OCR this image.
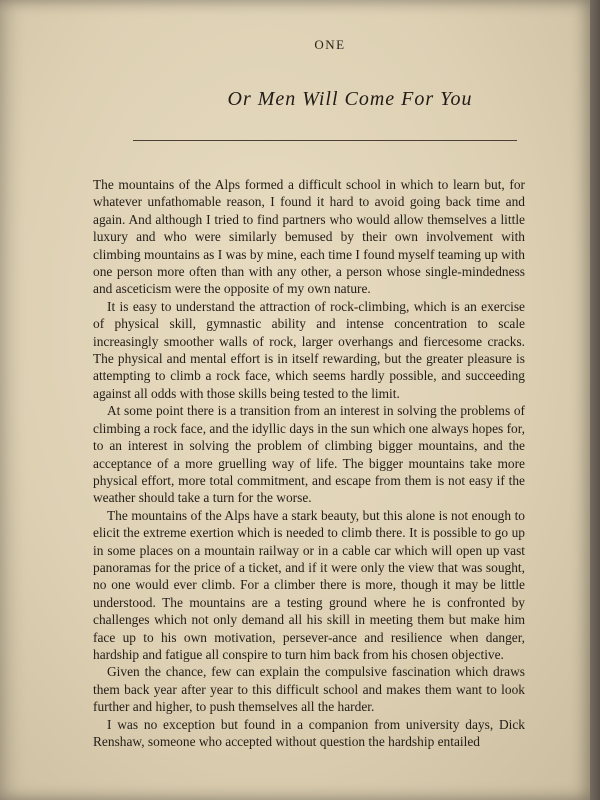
ONE
Or Men Will Come For You

The mountains of the Alps formed a difficult school in which to learn but, for whatever unfathomable reason, I found it hard to avoid going back time and again. And although I tried to find partners who would allow themselves a little luxury and who were similarly bemused by their own involvement with climbing mountains as I was by mine, each time I found myself teaming up with one person more often than with any other, a person whose single-mindedness and asceticism were the opposite of my own nature.

It is easy to understand the attraction of rock-climbing, which is an exercise of physical skill, gymnastic ability and intense concentration to scale increasingly smoother walls of rock, larger overhangs and fiercesome cracks. The physical and mental effort is in itself rewarding, but the greater pleasure is attempting to climb a rock face, which seems hardly possible, and succeeding against all odds with those skills being tested to the limit.

At some point there is a transition from an interest in solving the problems of climbing a rock face, and the idyllic days in the sun which one always hopes for, to an interest in solving the problem of climbing bigger mountains, and the acceptance of a more gruelling way of life. The bigger mountains take more physical effort, more total commitment, and escape from them is not easy if the weather should take a turn for the worse.

The mountains of the Alps have a stark beauty, but this alone is not enough to elicit the extreme exertion which is needed to climb there. It is possible to go up in some places on a mountain railway or in a cable car which will open up vast panoramas for the price of a ticket, and if it were only the view that was sought, no one would ever climb. For a climber there is more, though it may be little understood. The mountains are a testing ground where he is confronted by challenges which not only demand all his skill in meeting them but make him face up to his own motivation, persever-ance and resilience when danger, hardship and fatigue all conspire to turn him back from his chosen objective.

Given the chance, few can explain the compulsive fascination which draws them back year after year to this difficult school and makes them want to look further and higher, to push themselves all the harder.

I was no exception but found in a companion from university days, Dick Renshaw, someone who accepted without question the hardship entailed
